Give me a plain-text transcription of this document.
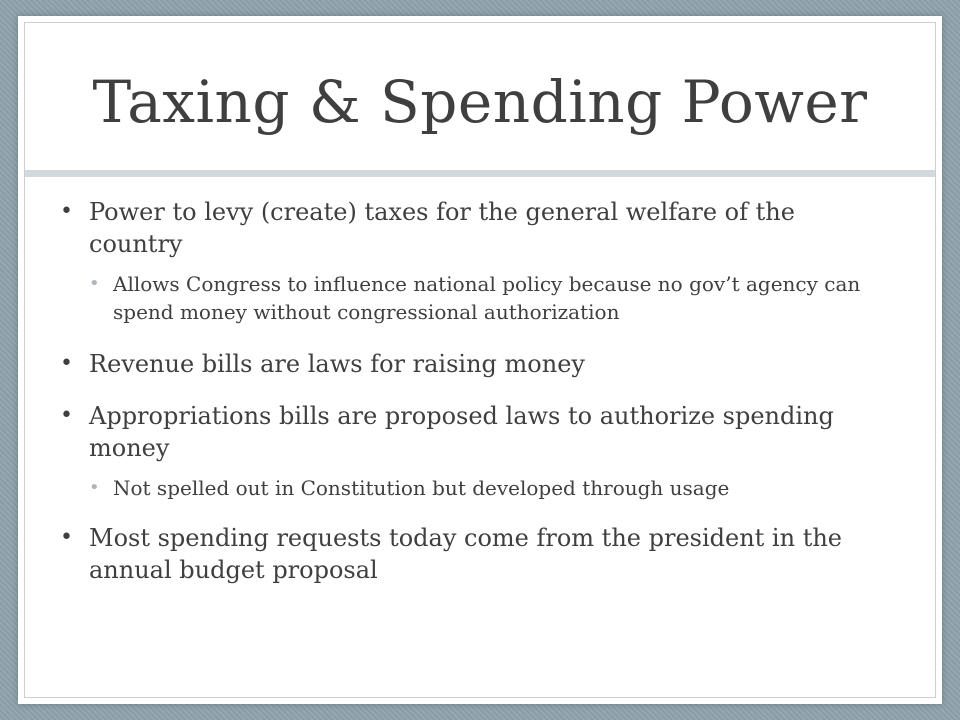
Taxing & Spending Power
• Power to levy (create) taxes for the general welfare of the country
• Allows Congress to influence national policy because no gov’t agency can spend money without congressional authorization
• Revenue bills are laws for raising money
• Appropriations bills are proposed laws to authorize spending money
• Not spelled out in Constitution but developed through usage
• Most spending requests today come from the president in the annual budget proposal
